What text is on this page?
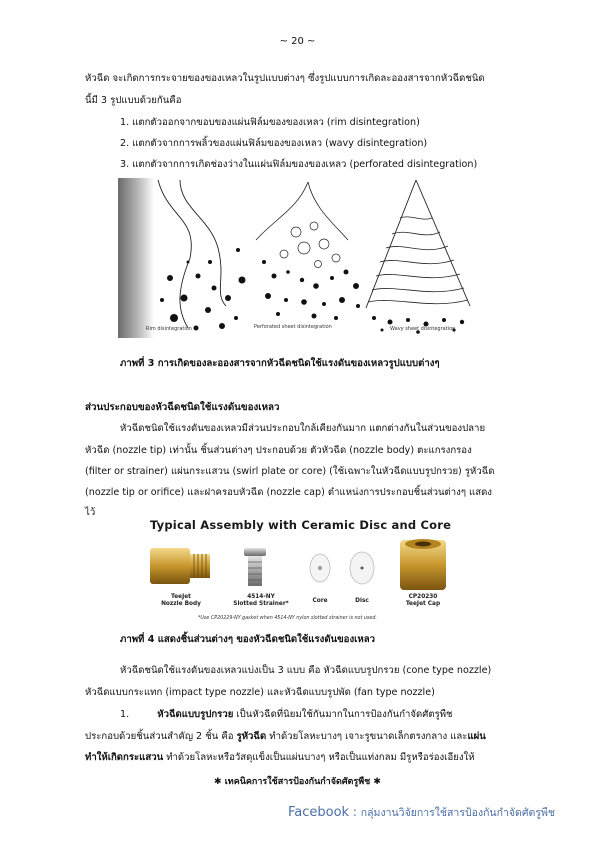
~ 20 ~
หัวฉีด จะเกิดการกระจายของของเหลวในรูปแบบต่างๆ ซึ่งรูปแบบการเกิดละอองสารจากหัวฉีดชนิด
นี้มี 3 รูปแบบด้วยกันคือ
1. แตกตัวออกจากขอบของแผ่นฟิล์มของของเหลว (rim disintegration)
2. แตกตัวจากการพลิ้วของแผ่นฟิล์มของของเหลว (wavy disintegration)
3. แตกตัวจากการเกิดช่องว่างในแผ่นฟิล์มของของเหลว (perforated disintegration)
Rim disintegration	Perforated sheet disintegration	Wavy sheet disintegration
ภาพที่ 3 การเกิดของละอองสารจากหัวฉีดชนิดใช้แรงดันของเหลวรูปแบบต่างๆ
ส่วนประกอบของหัวฉีดชนิดใช้แรงดันของเหลว
หัวฉีดชนิดใช้แรงดันของเหลวมีส่วนประกอบใกล้เคียงกันมาก แตกต่างกันในส่วนของปลาย
หัวฉีด (nozzle tip) เท่านั้น ชิ้นส่วนต่างๆ ประกอบด้วย ตัวหัวฉีด (nozzle body) ตะแกรงกรอง
(filter or strainer) แผ่นกระแสวน (swirl plate or core) (ใช้เฉพาะในหัวฉีดแบบรูปกรวย) รูหัวฉีด
(nozzle tip or orifice) และฝาครอบหัวฉีด (nozzle cap) ตำแหน่งการประกอบชิ้นส่วนต่างๆ แสดง
ไว้
Typical Assembly with Ceramic Disc and Core
TeeJet
Nozzle Body
4514-NY
Slotted Strainer*	Core	Disc
CP20230
TeeJet Cap
*Use CP20229-NY gasket when 4514-NY nylon slotted strainer is not used.
ภาพที่ 4 แสดงชิ้นส่วนต่างๆ ของหัวฉีดชนิดใช้แรงดันของเหลว
หัวฉีดชนิดใช้แรงดันของเหลวแบ่งเป็น 3 แบบ คือ หัวฉีดแบบรูปกรวย (cone type nozzle)
หัวฉีดแบบกระแทก (impact type nozzle) และหัวฉีดแบบรูปพัด (fan type nozzle)
1.	หัวฉีดแบบรูปกรวย เป็นหัวฉีดที่นิยมใช้กันมากในการป้องกันกำจัดศัตรูพืช
ประกอบด้วยชิ้นส่วนสำคัญ 2 ชิ้น คือ รูหัวฉีด ทำด้วยโลหะบางๆ เจาะรูขนาดเล็กตรงกลาง และแผ่น
ทำให้เกิดกระแสวน ทำด้วยโลหะหรือวัสดุแข็งเป็นแผ่นบางๆ หรือเป็นแท่งกลม มีรูหรือร่องเอียงให้
✱ เทคนิคการใช้สารป้องกันกำจัดศัตรูพืช ✱
Facebook : กลุ่มงานวิจัยการใช้สารป้องกันกำจัดศัตรูพืช
